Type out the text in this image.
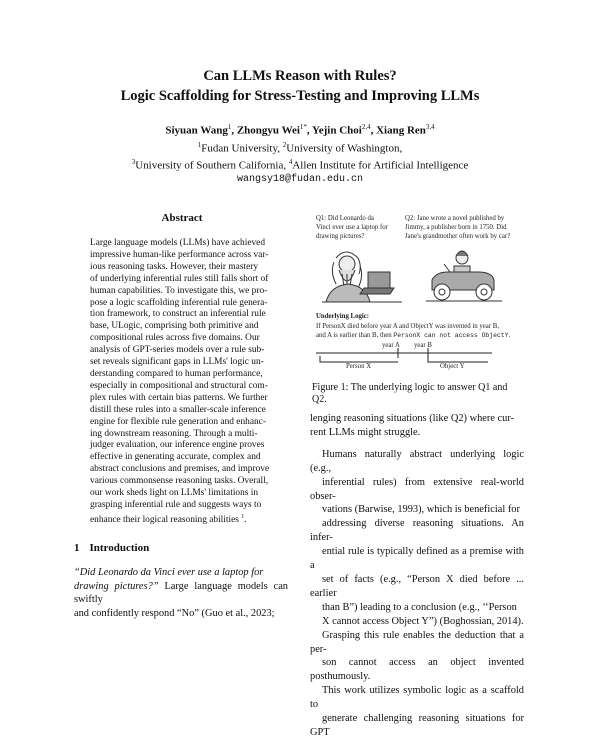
Can LLMs Reason with Rules?
Logic Scaffolding for Stress-Testing and Improving LLMs
Siyuan Wang$^1$, Zhongyu Wei$^{1*}$, Yejin Choi$^{2,4}$, Xiang Ren$^{3,4}$
$^1$Fudan University, $^2$University of Washington,
$^3$University of Southern California, $^4$Allen Institute for Artificial Intelligence
wangsy18@fudan.edu.cn
Abstract

Large language models (LLMs) have achieved
impressive human-like performance across var-
ious reasoning tasks. However, their mastery
of underlying inferential rules still falls short of
human capabilities. To investigate this, we pro-
pose a logic scaffolding inferential rule genera-
tion framework, to construct an inferential rule
base, ULogic, comprising both primitive and
compositional rules across five domains. Our
analysis of GPT-series models over a rule sub-
set reveals significant gaps in LLMs' logic un-
derstanding compared to human performance,
especially in compositional and structural com-
plex rules with certain bias patterns. We further
distill these rules into a smaller-scale inference
engine for flexible rule generation and enhanc-
ing downstream reasoning. Through a multi-
judger evaluation, our inference engine proves
effective in generating accurate, complex and
abstract conclusions and premises, and improve
various commonsense reasoning tasks. Overall,
our work sheds light on LLMs' limitations in
grasping inferential rule and suggests ways to
enhance their logical reasoning abilities $^1$.

1 Introduction
“Did Leonardo da Vinci ever use a laptop for
drawing pictures?” Large language models can swiftly
and confidently respond “No” (Guo et al., 2023;
Q1: Did Leonardo da Vinci ever use a laptop for drawing pictures?
Q2: Jane wrote a novel published by Jimmy, a publisher born in 1750. Did Jane's grandmother often work by car?
Underlying Logic:
If PersonX died before year A and ObjectY was invented in year B,
and A is earlier than B, then PersonX can not access ObjectY.
year A year B
Person X	Object Y
Figure 1: The underlying logic to answer Q1 and Q2.

lenging reasoning situations (like Q2) where cur-

rent LLMs might struggle.

Humans naturally abstract underlying logic (e.g.,
inferential rules) from extensive real-world obser-
vations (Barwise, 1993), which is beneficial for
addressing diverse reasoning situations. An infer-
ential rule is typically defined as a premise with a
set of facts (e.g., “Person X died before ... earlier
than B”) leading to a conclusion (e.g., ‘‘Person
X cannot access Object Y”) (Boghossian, 2014).
Grasping this rule enables the deduction that a per-
son cannot access an object invented posthumously.
This work utilizes symbolic logic as a scaffold to
generate challenging reasoning situations for GPT
